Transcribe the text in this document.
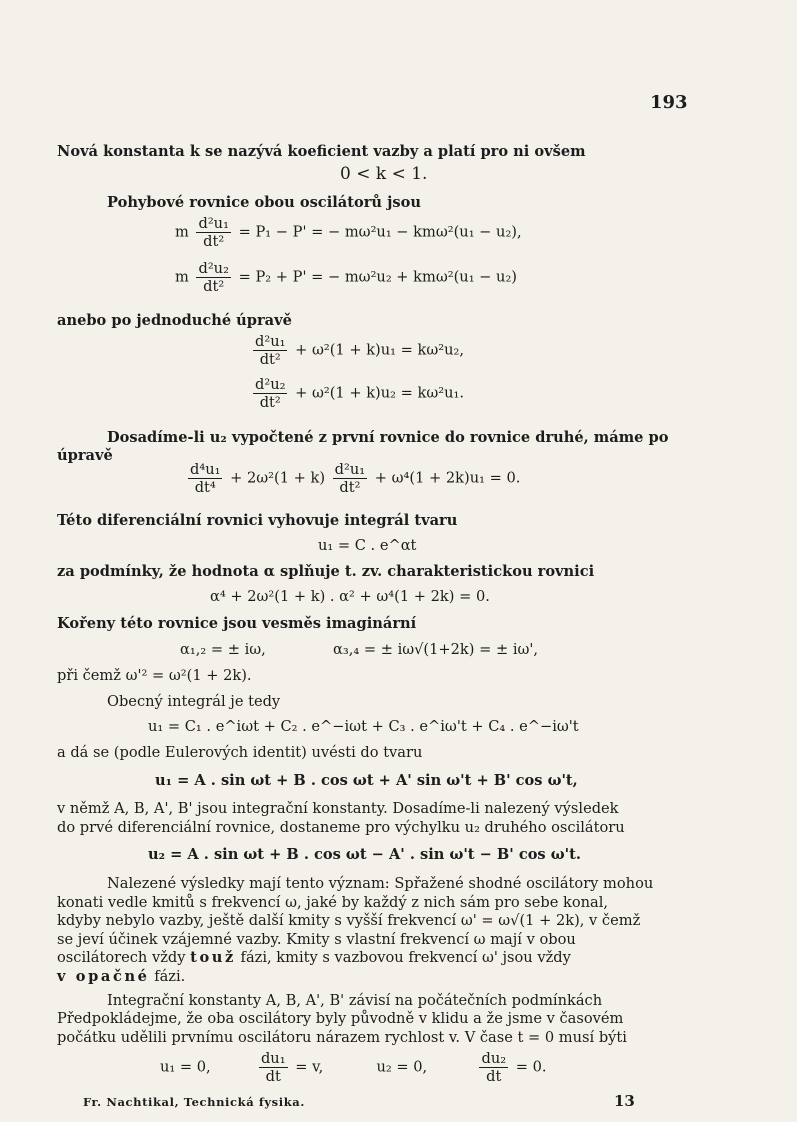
193
Nová konstanta k se nazývá koeficient vazby a platí pro ni ovšem
0 < k < 1.
Pohybové rovnice obou oscilátorů jsou
m $\frac{\text{d²u₁}}{\text{dt²}} = P_1 - P'$ = − mω²u₁ − kmω²(u₁ − u₂),
m $\frac{\text{d²u₂}}{\text{dt²}} = P_2 + P'$ = − mω²u₂ + kmω²(u₁ − u₂)
anebo po jednoduché úpravě
$\frac{\text{d²u₁}}{\text{dt²}} + \omega^2(1 + k)u_1 = k\omega^2u_2$,
$\frac{\text{d²u₂}}{\text{dt²}} + \omega^2(1 + k)u_2 = k\omega^2u_1$.
Dosadíme-li u₂ vypočtené z první rovnice do rovnice druhé, máme po
úpravě
$\frac{\text{d⁴u₁}}{\text{dt⁴}} + 2\omega^2(1 + k) \frac{\text{d²u₁}}{\text{dt²}} + \omega^4(1 + 2k)u_1 = 0$.
Této diferenciální rovnici vyhovuje integrál tvaru
u₁ = C . e^αt
za podmínky, že hodnota α splňuje t. zv. charakteristickou rovnici
α⁴ + 2ω²(1 + k) . α² + ω⁴(1 + 2k) = 0.
Kořeny této rovnice jsou vesměs imaginární
α₁,₂ = ± iω,	α₃,₄ = ± iω√(1+2k) = ± iω',
při čemž ω'² = ω²(1 + 2k).
Obecný integrál je tedy
u₁ = C₁ . e^iωt + C₂ . e^−iωt + C₃ . e^iω't + C₄ . e^−iω't
a dá se (podle Eulerových identit) uvésti do tvaru
u₁ = A . sin ωt + B . cos ωt + A' sin ω't + B' cos ω't,
v němž A, B, A', B' jsou integrační konstanty. Dosadíme-li nalezený výsledek
do prvé diferenciální rovnice, dostaneme pro výchylku u₂ druhého oscilátoru
u₂ = A . sin ωt + B . cos ωt − A' . sin ω't − B' cos ω't.
Nalezené výsledky mají tento význam: Spřažené shodné oscilátory mohou
konati vedle kmitů s frekvencí ω, jaké by každý z nich sám pro sebe konal,
kdyby nebylo vazby, ještě další kmity s vyšší frekvencí ω' = ω√(1 + 2k), v čemž
se jeví účinek vzájemné vazby. Kmity s vlastní frekvencí ω mají v obou
oscilátorech vždy touž fázi, kmity s vazbovou frekvencí ω' jsou vždy
v opačné fázi.
Integrační konstanty A, B, A', B' závisí na počátečních podmínkách
Předpokládejme, že oba oscilátory byly původně v klidu a že jsme v časovém
počátku udělili prvnímu oscilátoru nárazem rychlost v. V čase t = 0 musí býti
u₁ = 0,	$\frac{\text{du₁}}{dt} = v$,	u₂ = 0,	$\frac{\text{du₂}}{dt} = 0$.
Fr. Nachtikal, Technická fysika.	13
